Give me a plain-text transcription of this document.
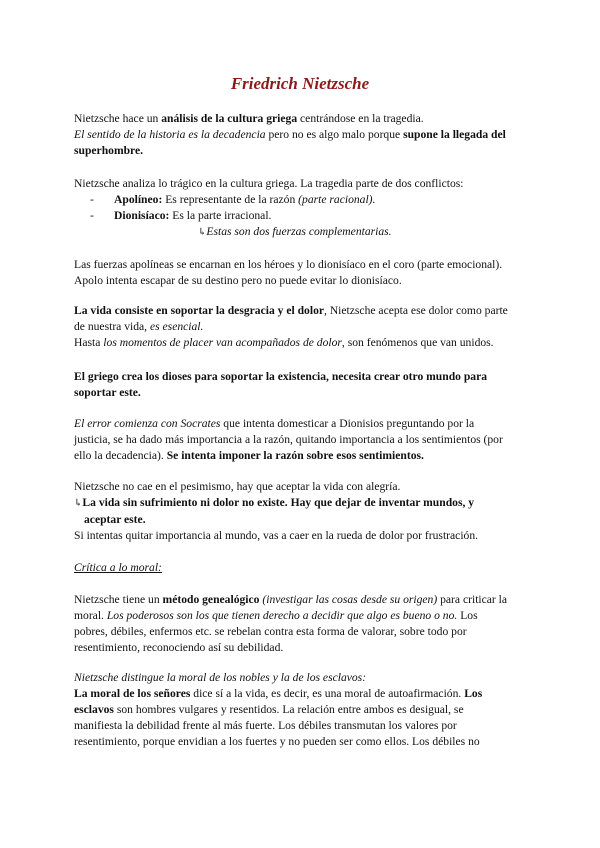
Friedrich Nietzsche
Nietzsche hace un análisis de la cultura griega centrándose en la tragedia.
El sentido de la historia es la decadencia pero no es algo malo porque supone la llegada del
superhombre.
Nietzsche analiza lo trágico en la cultura griega. La tragedia parte de dos conflictos:
- Apolíneo: Es representante de la razón (parte racional).
- Dionisíaco: Es la parte irracional.
↳Estas son dos fuerzas complementarias.
Las fuerzas apolíneas se encarnan en los héroes y lo dionisíaco en el coro (parte emocional).
Apolo intenta escapar de su destino pero no puede evitar lo dionisíaco.
La vida consiste en soportar la desgracia y el dolor, Nietzsche acepta ese dolor como parte
de nuestra vida, es esencial.
Hasta los momentos de placer van acompañados de dolor, son fenómenos que van unidos.
El griego crea los dioses para soportar la existencia, necesita crear otro mundo para
soportar este.
El error comienza con Socrates que intenta domesticar a Dionisios preguntando por la
justicia, se ha dado más importancia a la razón, quitando importancia a los sentimientos (por
ello la decadencia). Se intenta imponer la razón sobre esos sentimientos.
Nietzsche no cae en el pesimismo, hay que aceptar la vida con alegría.
↳La vida sin sufrimiento ni dolor no existe. Hay que dejar de inventar mundos, y
aceptar este.
Si intentas quitar importancia al mundo, vas a caer en la rueda de dolor por frustración.
Crítica a lo moral:
Nietzsche tiene un método genealógico (investigar las cosas desde su origen) para criticar la
moral. Los poderosos son los que tienen derecho a decidir que algo es bueno o no. Los
pobres, débiles, enfermos etc. se rebelan contra esta forma de valorar, sobre todo por
resentimiento, reconociendo así su debilidad.
Nietzsche distingue la moral de los nobles y la de los esclavos:
La moral de los señores dice sí a la vida, es decir, es una moral de autoafirmación. Los
esclavos son hombres vulgares y resentidos. La relación entre ambos es desigual, se
manifiesta la debilidad frente al más fuerte. Los débiles transmutan los valores por
resentimiento, porque envidian a los fuertes y no pueden ser como ellos. Los débiles no
